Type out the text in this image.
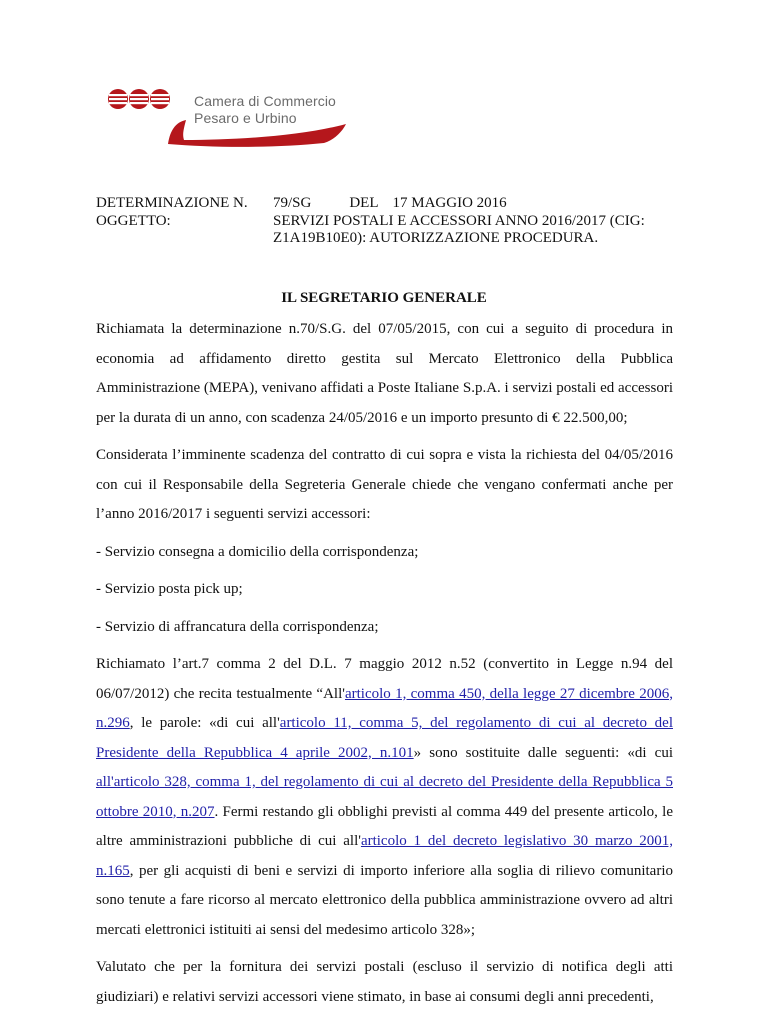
Camera di Commercio
Pesaro e Urbino
DETERMINAZIONE N.
OGGETTO:
79/SG	DEL 17 MAGGIO 2016
SERVIZI POSTALI E ACCESSORI ANNO 2016/2017 (CIG:
Z1A19B10E0): AUTORIZZAZIONE PROCEDURA.
IL SEGRETARIO GENERALE

Richiamata la determinazione n.70/S.G. del 07/05/2015, con cui a seguito di procedura in economia ad affidamento diretto gestita sul Mercato Elettronico della Pubblica Amministrazione (MEPA), venivano affidati a Poste Italiane S.p.A. i servizi postali ed accessori per la durata di un anno, con scadenza 24/05/2016 e un importo presunto di € 22.500,00;

Considerata l’imminente scadenza del contratto di cui sopra e vista la richiesta del 04/05/2016 con cui il Responsabile della Segreteria Generale chiede che vengano confermati anche per l’anno 2016/2017 i seguenti servizi accessori:

- Servizio consegna a domicilio della corrispondenza;

- Servizio posta pick up;

- Servizio di affrancatura della corrispondenza;

Richiamato l’art.7 comma 2 del D.L. 7 maggio 2012 n.52 (convertito in Legge n.94 del 06/07/2012) che recita testualmente “All'articolo 1, comma 450, della legge 27 dicembre 2006, n.296, le parole: «di cui all'articolo 11, comma 5, del regolamento di cui al decreto del Presidente della Repubblica 4 aprile 2002, n.101» sono sostituite dalle seguenti: «di cui all'articolo 328, comma 1, del regolamento di cui al decreto del Presidente della Repubblica 5 ottobre 2010, n.207. Fermi restando gli obblighi previsti al comma 449 del presente articolo, le altre amministrazioni pubbliche di cui all'articolo 1 del decreto legislativo 30 marzo 2001, n.165, per gli acquisti di beni e servizi di importo inferiore alla soglia di rilievo comunitario sono tenute a fare ricorso al mercato elettronico della pubblica amministrazione ovvero ad altri mercati elettronici istituiti ai sensi del medesimo articolo 328»;

Valutato che per la fornitura dei servizi postali (escluso il servizio di notifica degli atti giudiziari) e relativi servizi accessori viene stimato, in base ai consumi degli anni precedenti,
